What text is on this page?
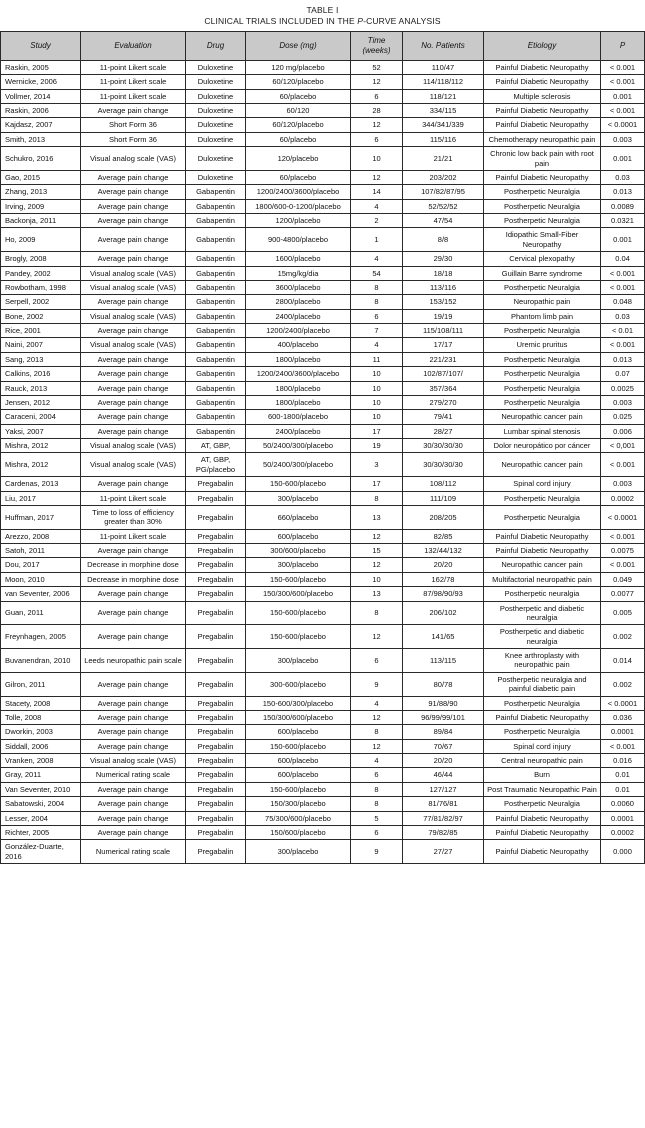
TABLE I
CLINICAL TRIALS INCLUDED IN THE P-CURVE ANALYSIS
Study	Evaluation	Drug	Dose (mg)	Time (weeks)	No. Patients	Etiology	P
Raskin, 2005	11-point Likert scale	Duloxetine	120 mg/placebo	52	110/47	Painful Diabetic Neuropathy	< 0.001
Wernicke, 2006	11-point Likert scale	Duloxetine	60/120/placebo	12	114/118/112	Painful Diabetic Neuropathy	< 0.001
Vollmer, 2014	11-point Likert scale	Duloxetine	60/placebo	6	118/121	Multiple sclerosis	0.001
Raskin, 2006	Average pain change	Duloxetine	60/120	28	334/115	Painful Diabetic Neuropathy	< 0.001
Kajdasz, 2007	Short Form 36	Duloxetine	60/120/placebo	12	344/341/339	Painful Diabetic Neuropathy	< 0.0001
Smith, 2013	Short Form 36	Duloxetine	60/placebo	6	115/116	Chemotherapy neuropathic pain	0.003
Schukro, 2016	Visual analog scale (VAS)	Duloxetine	120/placebo	10	21/21	Chronic low back pain with root pain	0.001
Gao, 2015	Average pain change	Duloxetine	60/placebo	12	203/202	Painful Diabetic Neuropathy	0.03
Zhang, 2013	Average pain change	Gabapentin	1200/2400/3600/placebo	14	107/82/87/95	Postherpetic Neuralgia	0.013
Irving, 2009	Average pain change	Gabapentin	1800/600-0-1200/placebo	4	52/52/52	Postherpetic Neuralgia	0.0089
Backonja, 2011	Average pain change	Gabapentin	1200/placebo	2	47/54	Postherpetic Neuralgia	0.0321
Ho, 2009	Average pain change	Gabapentin	900-4800/placebo	1	8/8	Idiopathic Small-Fiber Neuropathy	0.001
Brogly, 2008	Average pain change	Gabapentin	1600/placebo	4	29/30	Cervical plexopathy	0.04
Pandey, 2002	Visual analog scale (VAS)	Gabapentin	15mg/kg/dia	54	18/18	Guillain Barre syndrome	< 0.001
Rowbotham, 1998	Visual analog scale (VAS)	Gabapentin	3600/placebo	8	113/116	Postherpetic Neuralgia	< 0.001
Serpell, 2002	Average pain change	Gabapentin	2800/placebo	8	153/152	Neuropathic pain	0.048
Bone, 2002	Visual analog scale (VAS)	Gabapentin	2400/placebo	6	19/19	Phantom limb pain	0.03
Rice, 2001	Average pain change	Gabapentin	1200/2400/placebo	7	115/108/111	Postherpetic Neuralgia	< 0.01
Naini, 2007	Visual analog scale (VAS)	Gabapentin	400/placebo	4	17/17	Uremic pruritus	< 0.001
Sang, 2013	Average pain change	Gabapentin	1800/placebo	11	221/231	Postherpetic Neuralgia	0.013
Calkins, 2016	Average pain change	Gabapentin	1200/2400/3600/placebo	10	102/87/107/	Postherpetic Neuralgia	0.07
Rauck, 2013	Average pain change	Gabapentin	1800/placebo	10	357/364	Postherpetic Neuralgia	0.0025
Jensen, 2012	Average pain change	Gabapentin	1800/placebo	10	279/270	Postherpetic Neuralgia	0.003
Caraceni, 2004	Average pain change	Gabapentin	600-1800/placebo	10	79/41	Neuropathic cancer pain	0.025
Yaksi, 2007	Average pain change	Gabapentin	2400/placebo	17	28/27	Lumbar spinal stenosis	0.006
Mishra, 2012	Visual analog scale (VAS)	AT, GBP,	50/2400/300/placebo	19	30/30/30/30	Dolor neuropático por cáncer	< 0,001
Mishra, 2012	Visual analog scale (VAS)	AT, GBP, PG/placebo	50/2400/300/placebo	3	30/30/30/30	Neuropathic cancer pain	< 0.001
Cardenas, 2013	Average pain change	Pregabalin	150-600/placebo	17	108/112	Spinal cord injury	0.003
Liu, 2017	11-point Likert scale	Pregabalin	300/placebo	8	111/109	Postherpetic Neuralgia	0.0002
Huffman, 2017	Time to loss of efficiency greater than 30%	Pregabalin	660/placebo	13	208/205	Postherpetic Neuralgia	< 0.0001
Arezzo, 2008	11-point Likert scale	Pregabalin	600/placebo	12	82/85	Painful Diabetic Neuropathy	< 0.001
Satoh, 2011	Average pain change	Pregabalin	300/600/placebo	15	132/44/132	Painful Diabetic Neuropathy	0.0075
Dou, 2017	Decrease in morphine dose	Pregabalin	300/placebo	12	20/20	Neuropathic cancer pain	< 0.001
Moon, 2010	Decrease in morphine dose	Pregabalin	150-600/placebo	10	162/78	Multifactorial neuropathic pain	0.049
van Seventer, 2006	Average pain change	Pregabalin	150/300/600/placebo	13	87/98/90/93	Postherpetic neuralgia	0.0077
Guan, 2011	Average pain change	Pregabalin	150-600/placebo	8	206/102	Postherpetic and diabetic neuralgia	0.005
Freynhagen, 2005	Average pain change	Pregabalin	150-600/placebo	12	141/65	Postherpetic and diabetic neuralgia	0.002
Buvanendran, 2010	Leeds neuropathic pain scale	Pregabalin	300/placebo	6	113/115	Knee arthroplasty with neuropathic pain	0.014
Gilron, 2011	Average pain change	Pregabalin	300-600/placebo	9	80/78	Postherpetic neuralgia and painful diabetic pain	0.002
Stacety, 2008	Average pain change	Pregabalin	150-600/300/placebo	4	91/88/90	Postherpetic Neuralgia	< 0.0001
Tolle, 2008	Average pain change	Pregabalin	150/300/600/placebo	12	96/99/99/101	Painful Diabetic Neuropathy	0.036
Dworkin, 2003	Average pain change	Pregabalin	600/placebo	8	89/84	Postherpetic Neuralgia	0.0001
Siddall, 2006	Average pain change	Pregabalin	150-600/placebo	12	70/67	Spinal cord injury	< 0.001
Vranken, 2008	Visual analog scale (VAS)	Pregabalin	600/placebo	4	20/20	Central neuropathic pain	0.016
Gray, 2011	Numerical rating scale	Pregabalin	600/placebo	6	46/44	Burn	0.01
Van Seventer, 2010	Average pain change	Pregabalin	150-600/placebo	8	127/127	Post Traumatic Neuropathic Pain	0.01
Sabatowski, 2004	Average pain change	Pregabalin	150/300/placebo	8	81/76/81	Postherpetic Neuralgia	0.0060
Lesser, 2004	Average pain change	Pregabalin	75/300/600/placebo	5	77/81/82/97	Painful Diabetic Neuropathy	0.0001
Richter, 2005	Average pain change	Pregabalin	150/600/placebo	6	79/82/85	Painful Diabetic Neuropathy	0.0002
González-Duarte, 2016	Numerical rating scale	Pregabalin	300/placebo	9	27/27	Painful Diabetic Neuropathy	0.000
